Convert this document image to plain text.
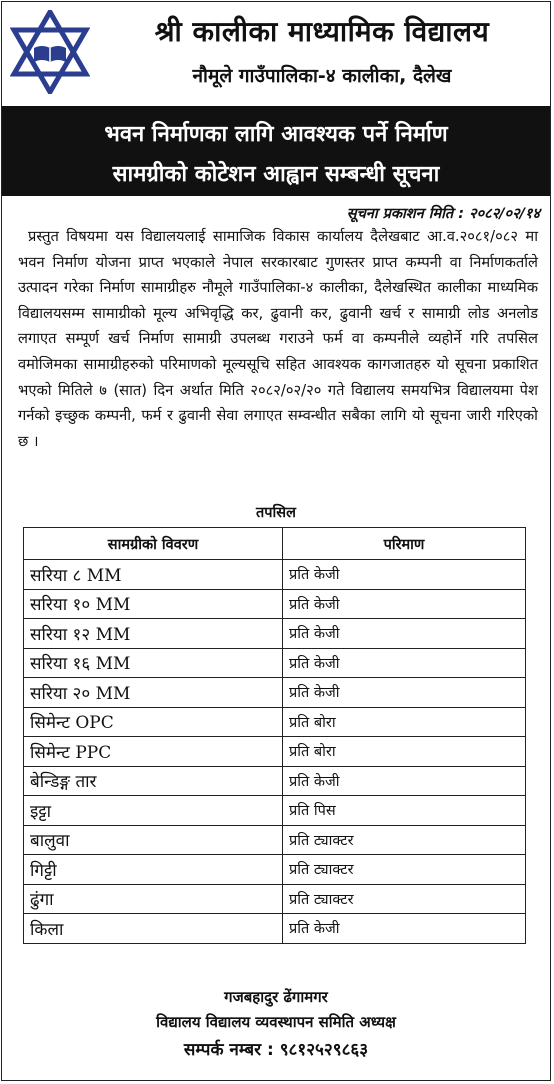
श्री कालीका माध्यामिक विद्यालय
नौमूले गाउँपालिका-४ कालीका, दैलेख
भवन निर्माणका लागि आवश्यक पर्ने निर्माण
सामग्रीको कोटेशन आह्वान सम्बन्धी सूचना
सूचना प्रकाशन मिति : २०८२/०२/१४
प्रस्तुत विषयमा यस विद्यालयलाई सामाजिक विकास कार्यालय दैलेखबाट आ.व.२०८१/०८२ मा भवन निर्माण योजना प्राप्त भएकाले नेपाल सरकारबाट गुणस्तर प्राप्त कम्पनी वा निर्माणकर्ताले उत्पादन गरेका निर्माण सामाग्रीहरु नौमूले गाउँपालिका-४ कालीका, दैलेखस्थित कालीका माध्यमिक विद्यालयसम्म सामाग्रीको मूल्य अभिवृद्धि कर, ढुवानी कर, ढुवानी खर्च र सामाग्री लोड अनलोड लगाएत सम्पूर्ण खर्च निर्माण सामाग्री उपलब्ध गराउने फर्म वा कम्पनीले व्यहोर्ने गरि तपसिल वमोजिमका सामाग्रीहरुको परिमाणको मूल्यसूचि सहित आवश्यक कागजातहरु यो सूचना प्रकाशित भएको मितिले ७ (सात) दिन अर्थात मिति २०८२/०२/२० गते विद्यालय समयभित्र विद्यालयमा पेश गर्नको इच्छुक कम्पनी, फर्म र ढुवानी सेवा लगाएत सम्वन्धीत सबैका लागि यो सूचना जारी गरिएको छ ।
तपसिल
सामग्रीको विवरण	परिमाण
सरिया ८ MM	प्रति केजी
सरिया १० MM	प्रति केजी
सरिया १२ MM	प्रति केजी
सरिया १६ MM	प्रति केजी
सरिया २० MM	प्रति केजी
सिमेन्ट OPC	प्रति बोरा
सिमेन्ट PPC	प्रति बोरा
बेन्डिङ्ग तार	प्रति केजी
इट्टा	प्रति पिस
बालुवा	प्रति ट्याक्टर
गिट्टी	प्रति ट्याक्टर
ढुंगा	प्रति ट्याक्टर
किला	प्रति केजी
गजबहादुर ढेंगामगर
विद्यालय विद्यालय व्यवस्थापन समिति अध्यक्ष
सम्पर्क नम्बर : ९८१२५२९८६३
